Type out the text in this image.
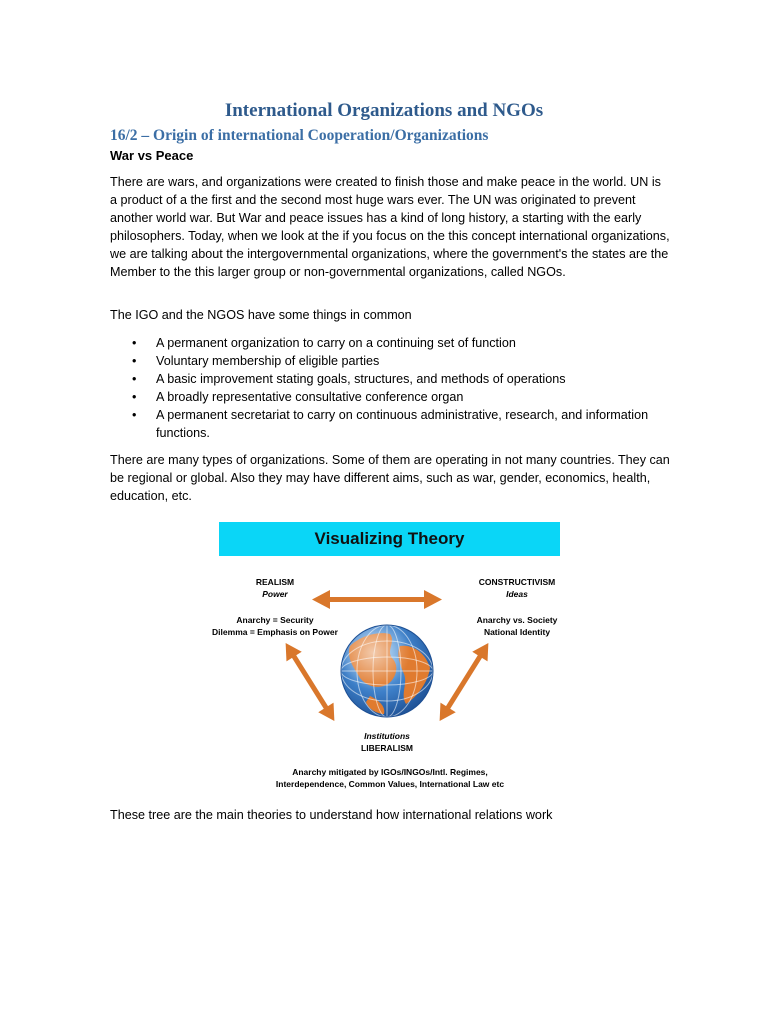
International Organizations and NGOs
16/2 – Origin of international Cooperation/Organizations
War vs Peace

There are wars, and organizations were created to finish those and make peace in the world. UN is a product of a the first and the second most huge wars ever. The UN was originated to prevent another world war. But War and peace issues has a kind of long history, a starting with the early philosophers. Today, when we look at the if you focus on the this concept international organizations, we are talking about the intergovernmental organizations, where the government's the states are the Member to the this larger group or non-governmental organizations, called NGOs.

The IGO and the NGOS have some things in common

• A permanent organization to carry on a continuing set of function
• Voluntary membership of eligible parties
• A basic improvement stating goals, structures, and methods of operations
• A broadly representative consultative conference organ
• A permanent secretariat to carry on continuous administrative, research, and information functions.

There are many types of organizations. Some of them are operating in not many countries. They can be regional or global. Also they may have different aims, such as war, gender, economics, health, education, etc.

Visualizing Theory
REALISM
Power
Anarchy = Security
Dilemma = Emphasis on Power
CONSTRUCTIVISM
Ideas
Anarchy vs. Society
National Identity
Institutions
LIBERALISM
Anarchy mitigated by IGOs/INGOs/Intl. Regimes,
Interdependence, Common Values, International Law etc

These tree are the main theories to understand how international relations work
